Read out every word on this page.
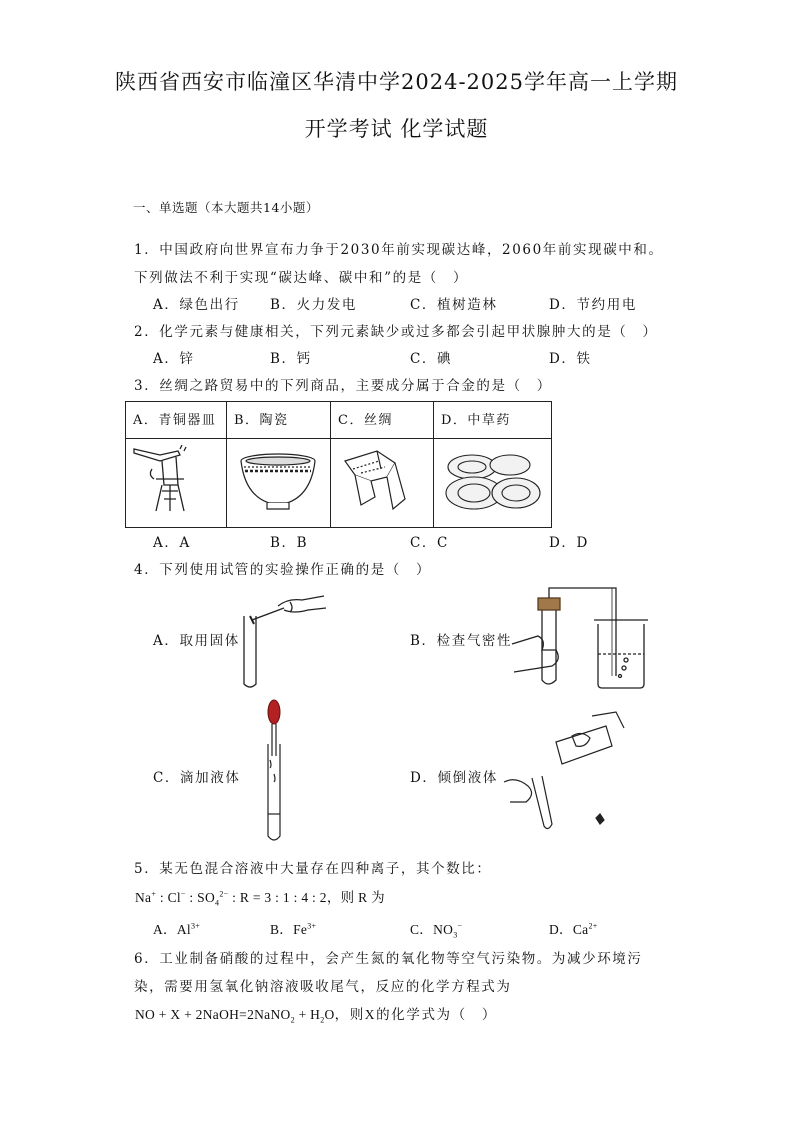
陕西省西安市临潼区华清中学2024-2025学年高一上学期
开学考试 化学试题
一、单选题（本大题共14小题）
1．中国政府向世界宣布力争于2030年前实现碳达峰，2060年前实现碳中和。
下列做法不利于实现“碳达峰、碳中和”的是（　）
A．绿色出行 B．火力发电	C．植树造林	D．节约用电
2．化学元素与健康相关，下列元素缺少或过多都会引起甲状腺肿大的是（　）
A．锌	B．钙	C．碘	D．铁
3．丝绸之路贸易中的下列商品，主要成分属于合金的是（　）
A．青铜器皿	B．陶瓷	C．丝绸	D．中草药

A．A	B．B	C．C	D．D
4．下列使用试管的实验操作正确的是（　）
A．取用固体	B．检查气密性
C．滴加液体	D．倾倒液体
5．某无色混合溶液中大量存在四种离子，其个数比：
Na+ : Cl− : $SO_4^{2-}$ : R = 3 : 1 : 4 : 2，则 R 为
A．$Al^{3+}$	B．$Fe^{3+}$	C．$NO_3^-$	D．$Ca^{2+}$
6．工业制备硝酸的过程中，会产生氮的氧化物等空气污染物。为减少环境污
染，需要用氢氧化钠溶液吸收尾气，反应的化学方程式为
NO + X + 2NaOH=2NaNO$_2$ + $H_2O$，则X的化学式为（　）
